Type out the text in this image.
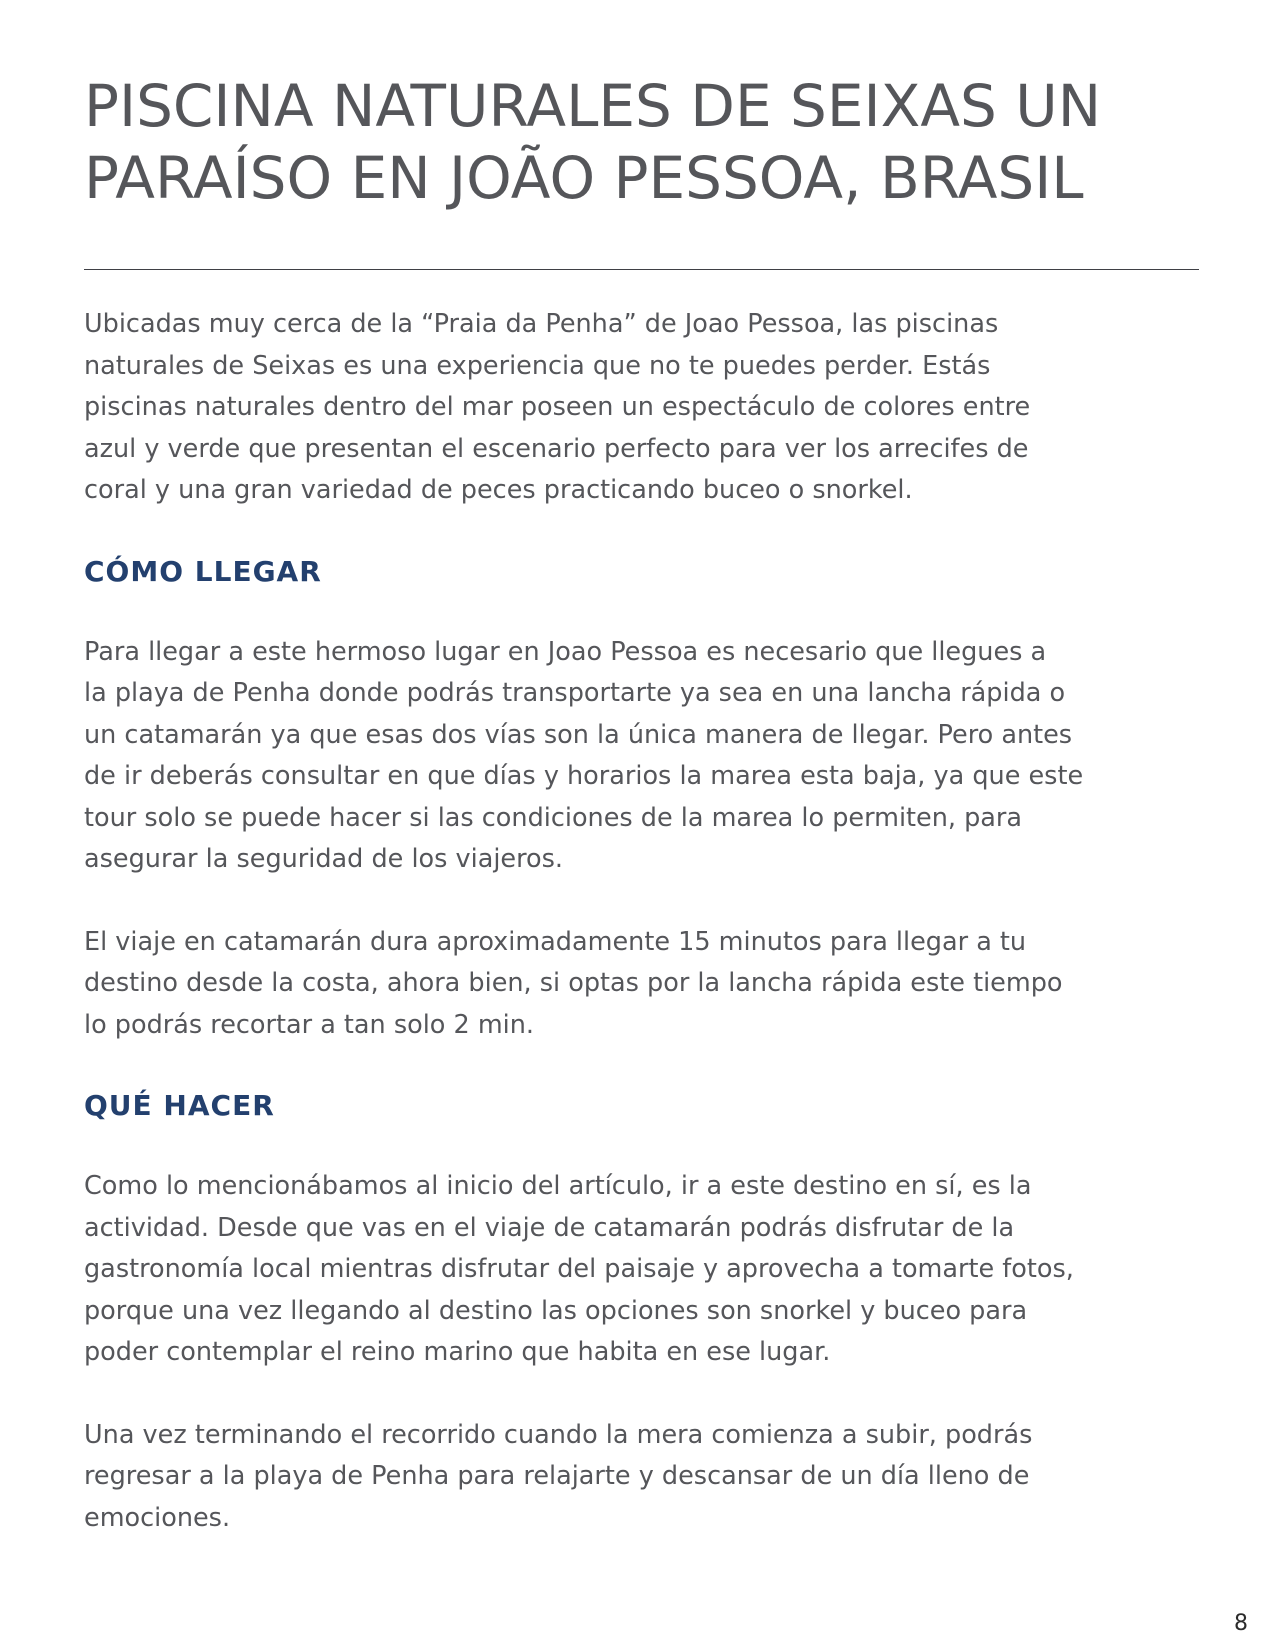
PISCINA NATURALES DE SEIXAS UN
PARAÍSO EN JOÃO PESSOA, BRASIL

Ubicadas muy cerca de la “Praia da Penha” de Joao Pessoa, las piscinas
naturales de Seixas es una experiencia que no te puedes perder. Estás
piscinas naturales dentro del mar poseen un espectáculo de colores entre
azul y verde que presentan el escenario perfecto para ver los arrecifes de
coral y una gran variedad de peces practicando buceo o snorkel.

CÓMO LLEGAR

Para llegar a este hermoso lugar en Joao Pessoa es necesario que llegues a
la playa de Penha donde podrás transportarte ya sea en una lancha rápida o
un catamarán ya que esas dos vías son la única manera de llegar. Pero antes
de ir deberás consultar en que días y horarios la marea esta baja, ya que este
tour solo se puede hacer si las condiciones de la marea lo permiten, para
asegurar la seguridad de los viajeros.

El viaje en catamarán dura aproximadamente 15 minutos para llegar a tu
destino desde la costa, ahora bien, si optas por la lancha rápida este tiempo
lo podrás recortar a tan solo 2 min.

QUÉ HACER

Como lo mencionábamos al inicio del artículo, ir a este destino en sí, es la
actividad. Desde que vas en el viaje de catamarán podrás disfrutar de la
gastronomía local mientras disfrutar del paisaje y aprovecha a tomarte fotos,
porque una vez llegando al destino las opciones son snorkel y buceo para
poder contemplar el reino marino que habita en ese lugar.

Una vez terminando el recorrido cuando la mera comienza a subir, podrás
regresar a la playa de Penha para relajarte y descansar de un día lleno de
emociones.

8
